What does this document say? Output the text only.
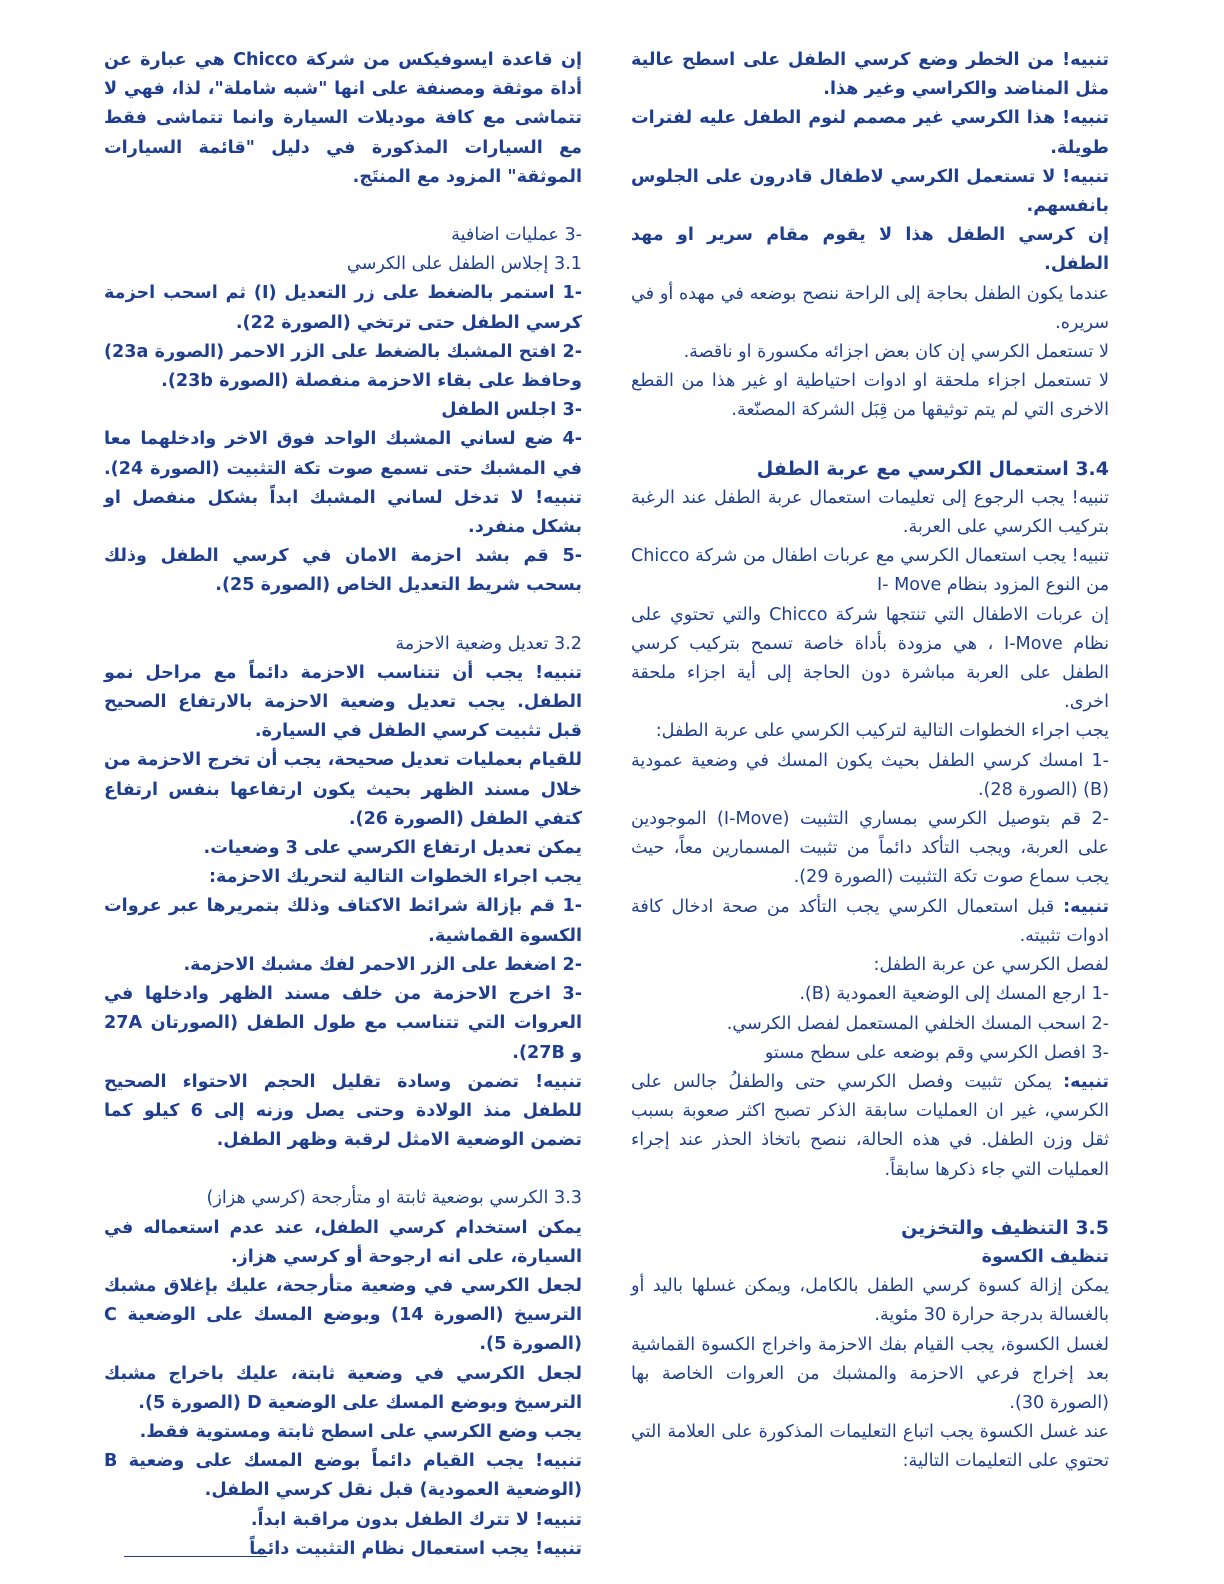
تنبيه! من الخطر وضع كرسي الطفل على اسطح عالية مثل المناضد والكراسي وغير هذا.

تنبيه! هذا الكرسي غير مصمم لنوم الطفل عليه لفترات طويلة.

تنبيه! لا تستعمل الكرسي لاطفال قادرون على الجلوس بانفسهم.

إن كرسي الطفل هذا لا يقوم مقام سرير او مهد الطفل.

عندما يكون الطفل بحاجة إلى الراحة ننصح بوضعه في مهده أو في سريره.

لا تستعمل الكرسي إن كان بعض اجزائه مكسورة او ناقصة.

لا تستعمل اجزاء ملحقة او ادوات احتياطية او غير هذا من القطع الاخرى التي لم يتم توثيقها من قِبَل الشركة المصنّعة.

3.4 استعمال الكرسي مع عربة الطفل

تنبيه! يجب الرجوع إلى تعليمات استعمال عربة الطفل عند الرغبة بتركيب الكرسي على العربة.

تنبيه! يجب استعمال الكرسي مع عربات اطفال من شركة Chicco من النوع المزود بنظام I- Move

إن عربات الاطفال التي تنتجها شركة Chicco والتي تحتوي على نظام I-Move ، هي مزودة بأداة خاصة تسمح بتركيب كرسي الطفل على العربة مباشرة دون الحاجة إلى أية اجزاء ملحقة اخرى.

يجب اجراء الخطوات التالية لتركيب الكرسي على عربة الطفل:

-1 امسك كرسي الطفل بحيث يكون المسك في وضعية عمودية (B) (الصورة 28).

-2 قم بتوصيل الكرسي بمساري التثبيت (I-Move) الموجودين على العربة، ويجب التأكد دائماً من تثبيت المسمارين معاً، حيث يجب سماع صوت تكة التثبيت (الصورة 29).

تنبيه: قبل استعمال الكرسي يجب التأكد من صحة ادخال كافة ادوات تثبيته.

لفصل الكرسي عن عربة الطفل:

-1 ارجع المسك إلى الوضعية العمودية (B).

-2 اسحب المسك الخلفي المستعمل لفصل الكرسي.

-3 افصل الكرسي وقم بوضعه على سطح مستو

تنبيه: يمكن تثبيت وفصل الكرسي حتى والطفلُ جالس على الكرسي، غير ان العمليات سابقة الذكر تصبح اكثر صعوبة بسبب ثقل وزن الطفل. في هذه الحالة، ننصح باتخاذ الحذر عند إجراء العمليات التي جاء ذكرها سابقاً.

3.5 التنظيف والتخزين

تنظيف الكسوة

يمكن إزالة كسوة كرسي الطفل بالكامل، ويمكن غسلها باليد أو بالغسالة بدرجة حرارة 30 مئوية.

لغسل الكسوة، يجب القيام بفك الاحزمة واخراج الكسوة القماشية بعد إخراج فرعي الاحزمة والمشبك من العروات الخاصة بها (الصورة 30).

عند غسل الكسوة يجب اتباع التعليمات المذكورة على العلامة التي تحتوي على التعليمات التالية:

إن قاعدة ايسوفيكس من شركة Chicco هي عبارة عن أداة موثقة ومصنفة على انها "شبه شاملة"، لذا، فهي لا تتماشى مع كافة موديلات السيارة وانما تتماشى فقط مع السيارات المذكورة في دليل "قائمة السيارات الموثقة" المزود مع المنتَج.

-3 عمليات اضافية

3.1 إجلاس الطفل على الكرسي

-1 استمر بالضغط على زر التعديل (I) ثم اسحب احزمة كرسي الطفل حتى ترتخي (الصورة 22).

-2 افتح المشبك بالضغط على الزر الاحمر (الصورة 23a) وحافظ على بقاء الاحزمة منفصلة (الصورة 23b).

-3 اجلس الطفل

-4 ضع لساني المشبك الواحد فوق الاخر وادخلهما معا في المشبك حتى تسمع صوت تكة التثبيت (الصورة 24). تنبيه! لا تدخل لساني المشبك ابداً بشكل منفصل او بشكل منفرد.

-5 قم بشد احزمة الامان في كرسي الطفل وذلك بسحب شريط التعديل الخاص (الصورة 25).

3.2 تعديل وضعية الاحزمة

تنبيه! يجب أن تتناسب الاحزمة دائماً مع مراحل نمو الطفل. يجب تعديل وضعية الاحزمة بالارتفاع الصحيح قبل تثبيت كرسي الطفل في السيارة.

للقيام بعمليات تعديل صحيحة، يجب أن تخرج الاحزمة من خلال مسند الظهر بحيث يكون ارتفاعها بنفس ارتفاع كتفي الطفل (الصورة 26).

يمكن تعديل ارتفاع الكرسي على 3 وضعيات.

يجب اجراء الخطوات التالية لتحريك الاحزمة:

-1 قم بإزالة شرائط الاكتاف وذلك بتمريرها عبر عروات الكسوة القماشية.

-2 اضغط على الزر الاحمر لفك مشبك الاحزمة.

-3 اخرج الاحزمة من خلف مسند الظهر وادخلها في العروات التي تتناسب مع طول الطفل (الصورتان 27A و 27B).

تنبيه! تضمن وسادة تقليل الحجم الاحتواء الصحيح للطفل منذ الولادة وحتى يصل وزنه إلى 6 كيلو كما تضمن الوضعية الامثل لرقبة وظهر الطفل.

3.3 الكرسي بوضعية ثابتة او متأرجحة (كرسي هزاز)

يمكن استخدام كرسي الطفل، عند عدم استعماله في السيارة، على انه ارجوحة أو كرسي هزاز.

لجعل الكرسي في وضعية متأرجحة، عليك بإغلاق مشبك الترسيخ (الصورة 14) وبوضع المسك على الوضعية C (الصورة 5).

لجعل الكرسي في وضعية ثابتة، عليك باخراج مشبك الترسيخ وبوضع المسك على الوضعية D (الصورة 5).

يجب وضع الكرسي على اسطح ثابتة ومستوية فقط.

تنبيه! يجب القيام دائماً بوضع المسك على وضعية B (الوضعية العمودية) قبل نقل كرسي الطفل.

تنبيه! لا تترك الطفل بدون مراقبة ابداً.

تنبيه! يجب استعمال نظام التثبيت دائماً
